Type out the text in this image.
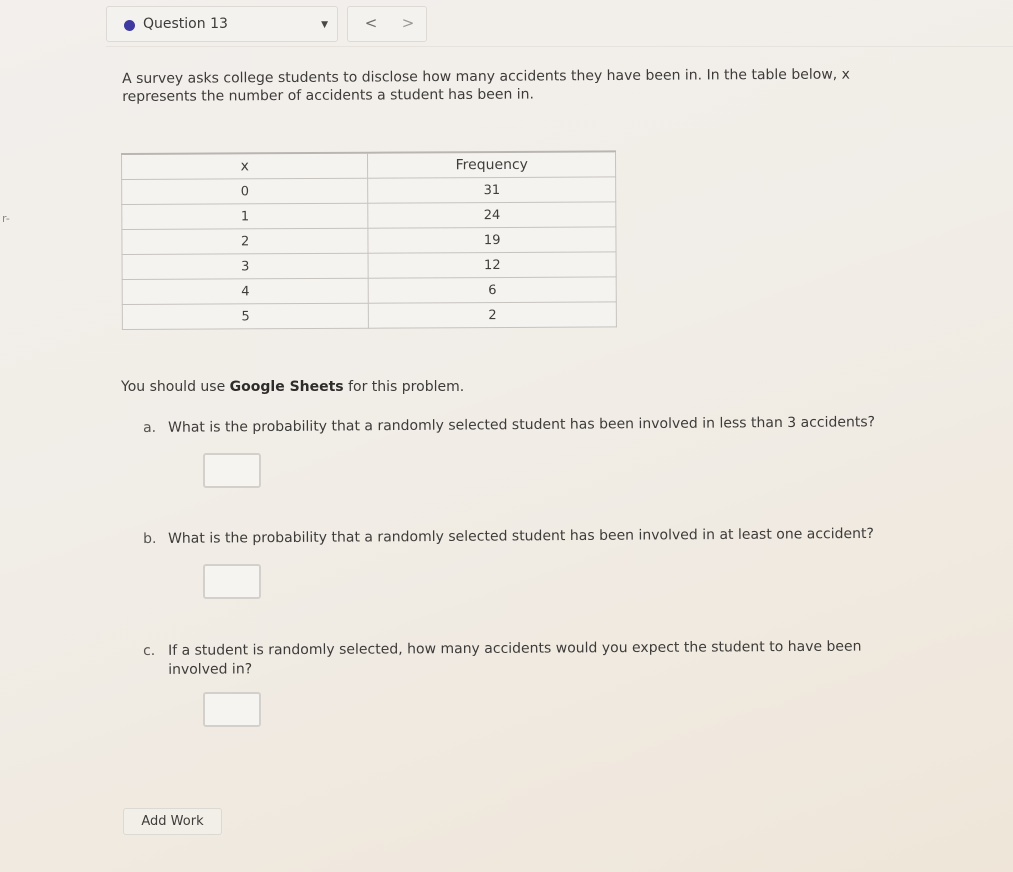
r-
Question 13	▼	<	>
A survey asks college students to disclose how many accidents they have been in. In the table below, x represents the number of accidents a student has been in.
x	Frequency
0	31
1	24
2	19
3	12
4	6
5	2
You should use Google Sheets for this problem.
a. What is the probability that a randomly selected student has been involved in less than 3 accidents?
b. What is the probability that a randomly selected student has been involved in at least one accident?
c. If a student is randomly selected, how many accidents would you expect the student to have been
involved in?
Add Work
